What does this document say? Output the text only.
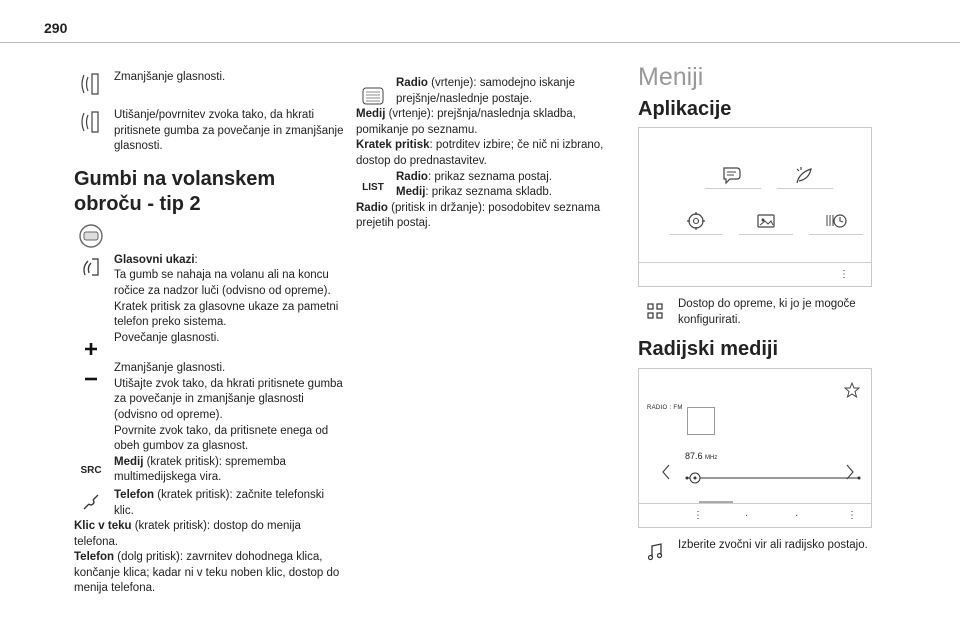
290

Zmanjšanje glasnosti.

Utišanje/povrnitev zvoka tako, da hkrati pritisnete gumba za povečanje in zmanjšanje glasnosti.

Gumbi na volanskem obroču - tip 2

Glasovni ukazi:
Ta gumb se nahaja na volanu ali na koncu ročice za nadzor luči (odvisno od opreme).
Kratek pritisk za glasovne ukaze za pametni telefon preko sistema.

Povečanje glasnosti.

Zmanjšanje glasnosti.

Utišajte zvok tako, da hkrati pritisnete gumba za povečanje in zmanjšanje glasnosti (odvisno od opreme).
Povrnite zvok tako, da pritisnete enega od obeh gumbov za glasnost.

SRC

Medij (kratek pritisk): sprememba multimedijskega vira.

Telefon (kratek pritisk): začnite telefonski klic.

Klic v teku (kratek pritisk): dostop do menija telefona.

Telefon (dolg pritisk): zavrnitev dohodnega klica, končanje klica; kadar ni v teku noben klic, dostop do menija telefona.

Radio (vrtenje): samodejno iskanje prejšnje/naslednje postaje.

Medij (vrtenje): prejšnja/naslednja skladba, pomikanje po seznamu.

Kratek pritisk: potrditev izbire; če nič ni izbrano, dostop do prednastavitev.

LIST

Radio: prikaz seznama postaj.
Medij: prikaz seznama skladb.

Radio (pritisk in držanje): posodobitev seznama prejetih postaj.

Meniji
Aplikacije
⋮

Dostop do opreme, ki jo je mogoče konfigurirati.

Radijski mediji
RADIO : FM
87.6 MHz
⋮	·	·	⋮

Izberite zvočni vir ali radijsko postajo.
